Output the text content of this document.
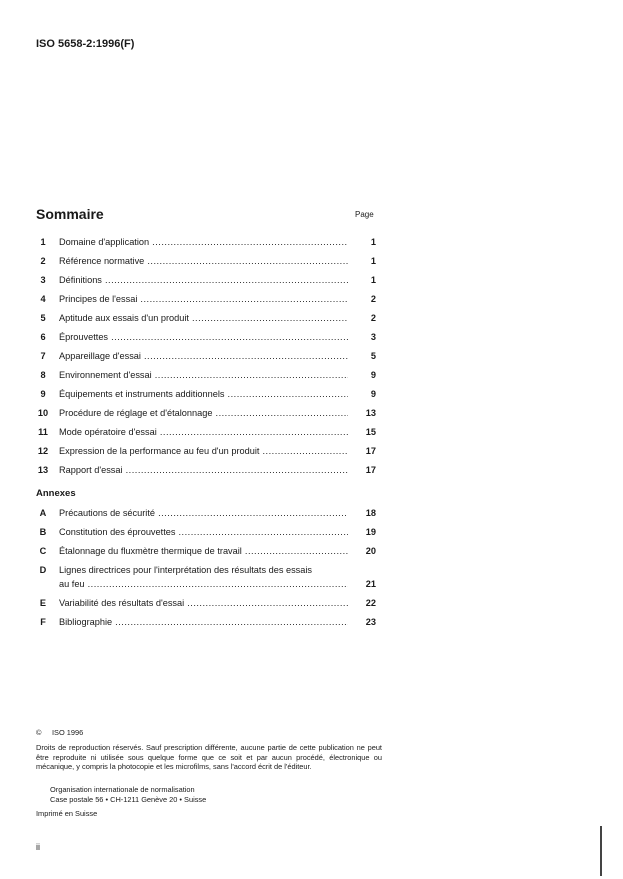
ISO 5658-2:1996(F)
Sommaire	Page
1	Domaine d'application .....	1
2	Référence normative .....	1
3	Définitions .....	1
4	Principes de l'essai .....	2
5	Aptitude aux essais d'un produit .....	2
6	Éprouvettes .....	3
7	Appareillage d'essai .....	5
8	Environnement d'essai .....	9
9	Équipements et instruments additionnels .....	9
10 Procédure de réglage et d'étalonnage .....	13
11 Mode opératoire d'essai .....	15
12 Expression de la performance au feu d'un produit .....	17
13 Rapport d'essai .....	17
Annexes
A	Précautions de sécurité .....	18
B	Constitution des éprouvettes .....	19
C	Étalonnage du fluxmètre thermique de travail .....	20
D	Lignes directrices pour l'interprétation des résultats des essais
au feu .....	21
E	Variabilité des résultats d'essai .....	22
F	Bibliographie .....	23
© ISO 1996
Droits de reproduction réservés. Sauf prescription différente, aucune partie de cette publication ne peut être reproduite ni utilisée sous quelque forme que ce soit et par aucun procédé, électronique ou mécanique, y compris la photocopie et les microfilms, sans l'accord écrit de l'éditeur.
Organisation internationale de normalisation
Case postale 56 • CH-1211 Genève 20 • Suisse
Imprimé en Suisse
ii
